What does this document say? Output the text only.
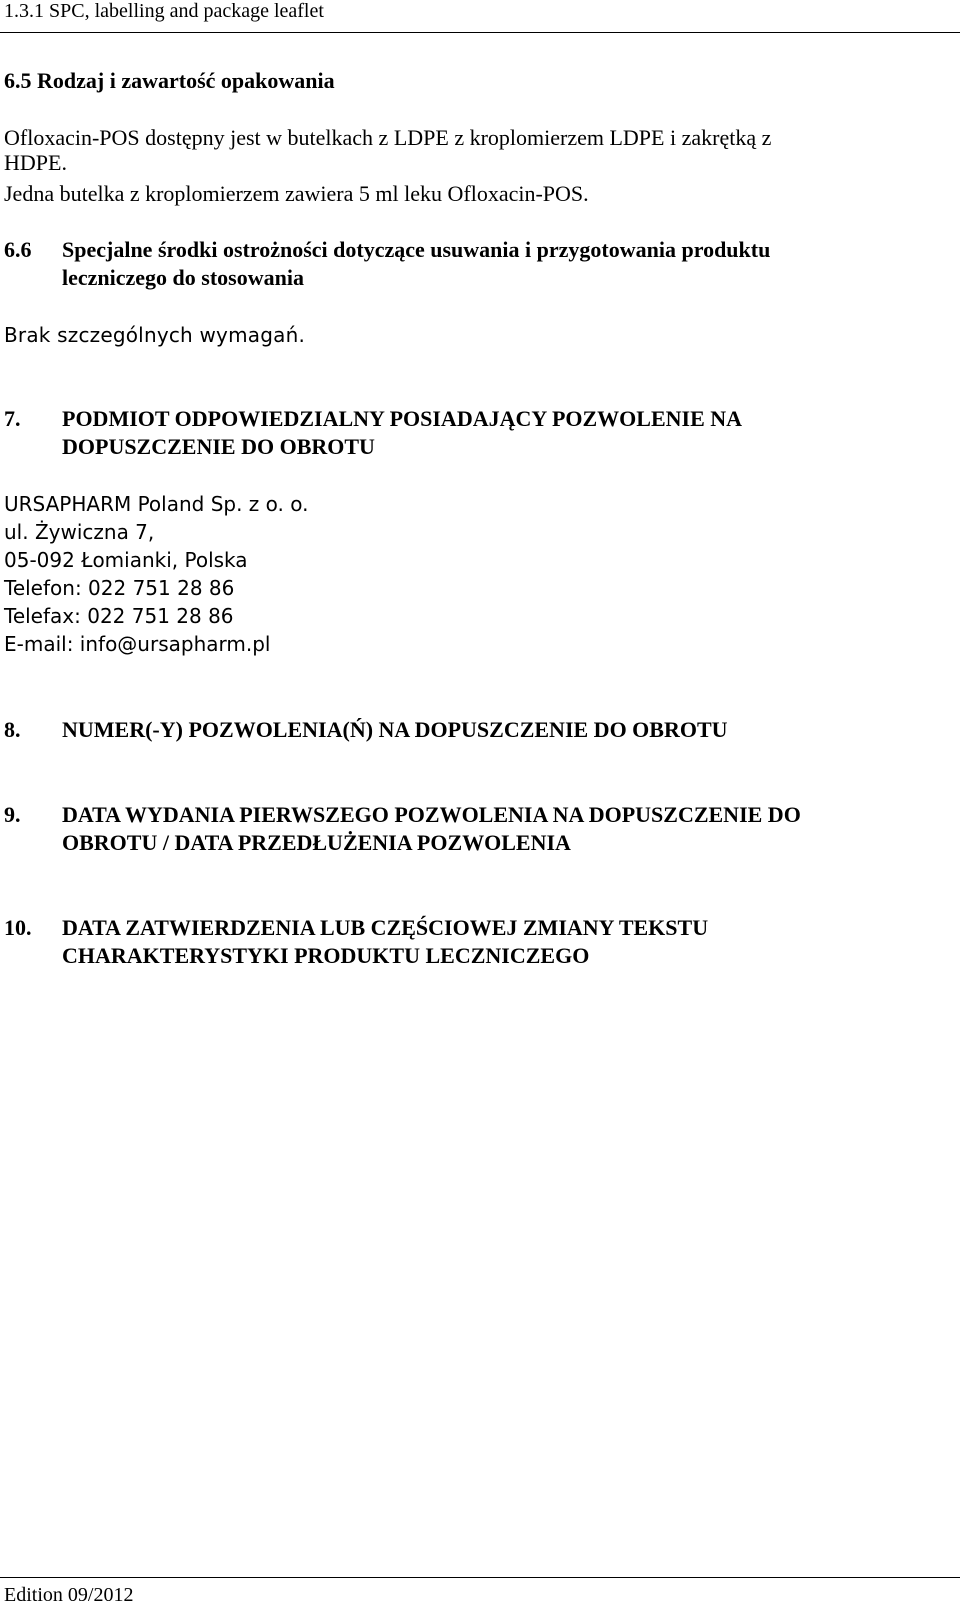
1.3.1 SPC, labelling and package leaflet
6.5 Rodzaj i zawartość opakowania
Ofloxacin-POS dostępny jest w butelkach z LDPE z kroplomierzem LDPE i zakrętką z
HDPE.
Jedna butelka z kroplomierzem zawiera 5 ml leku Ofloxacin-POS.
6.6 Specjalne środki ostrożności dotyczące usuwania i przygotowania produktu
leczniczego do stosowania
Brak szczególnych wymagań.
7. PODMIOT ODPOWIEDZIALNY POSIADAJĄCY POZWOLENIE NA
DOPUSZCZENIE DO OBROTU
URSAPHARM Poland Sp. z o. o.
ul. Żywiczna 7,
05-092 Łomianki, Polska
Telefon: 022 751 28 86
Telefax: 022 751 28 86
E-mail: info@ursapharm.pl
8. NUMER(-Y) POZWOLENIA(Ń) NA DOPUSZCZENIE DO OBROTU
9. DATA WYDANIA PIERWSZEGO POZWOLENIA NA DOPUSZCZENIE DO
OBROTU / DATA PRZEDŁUŻENIA POZWOLENIA
10. DATA ZATWIERDZENIA LUB CZĘŚCIOWEJ ZMIANY TEKSTU
CHARAKTERYSTYKI PRODUKTU LECZNICZEGO
Edition 09/2012
